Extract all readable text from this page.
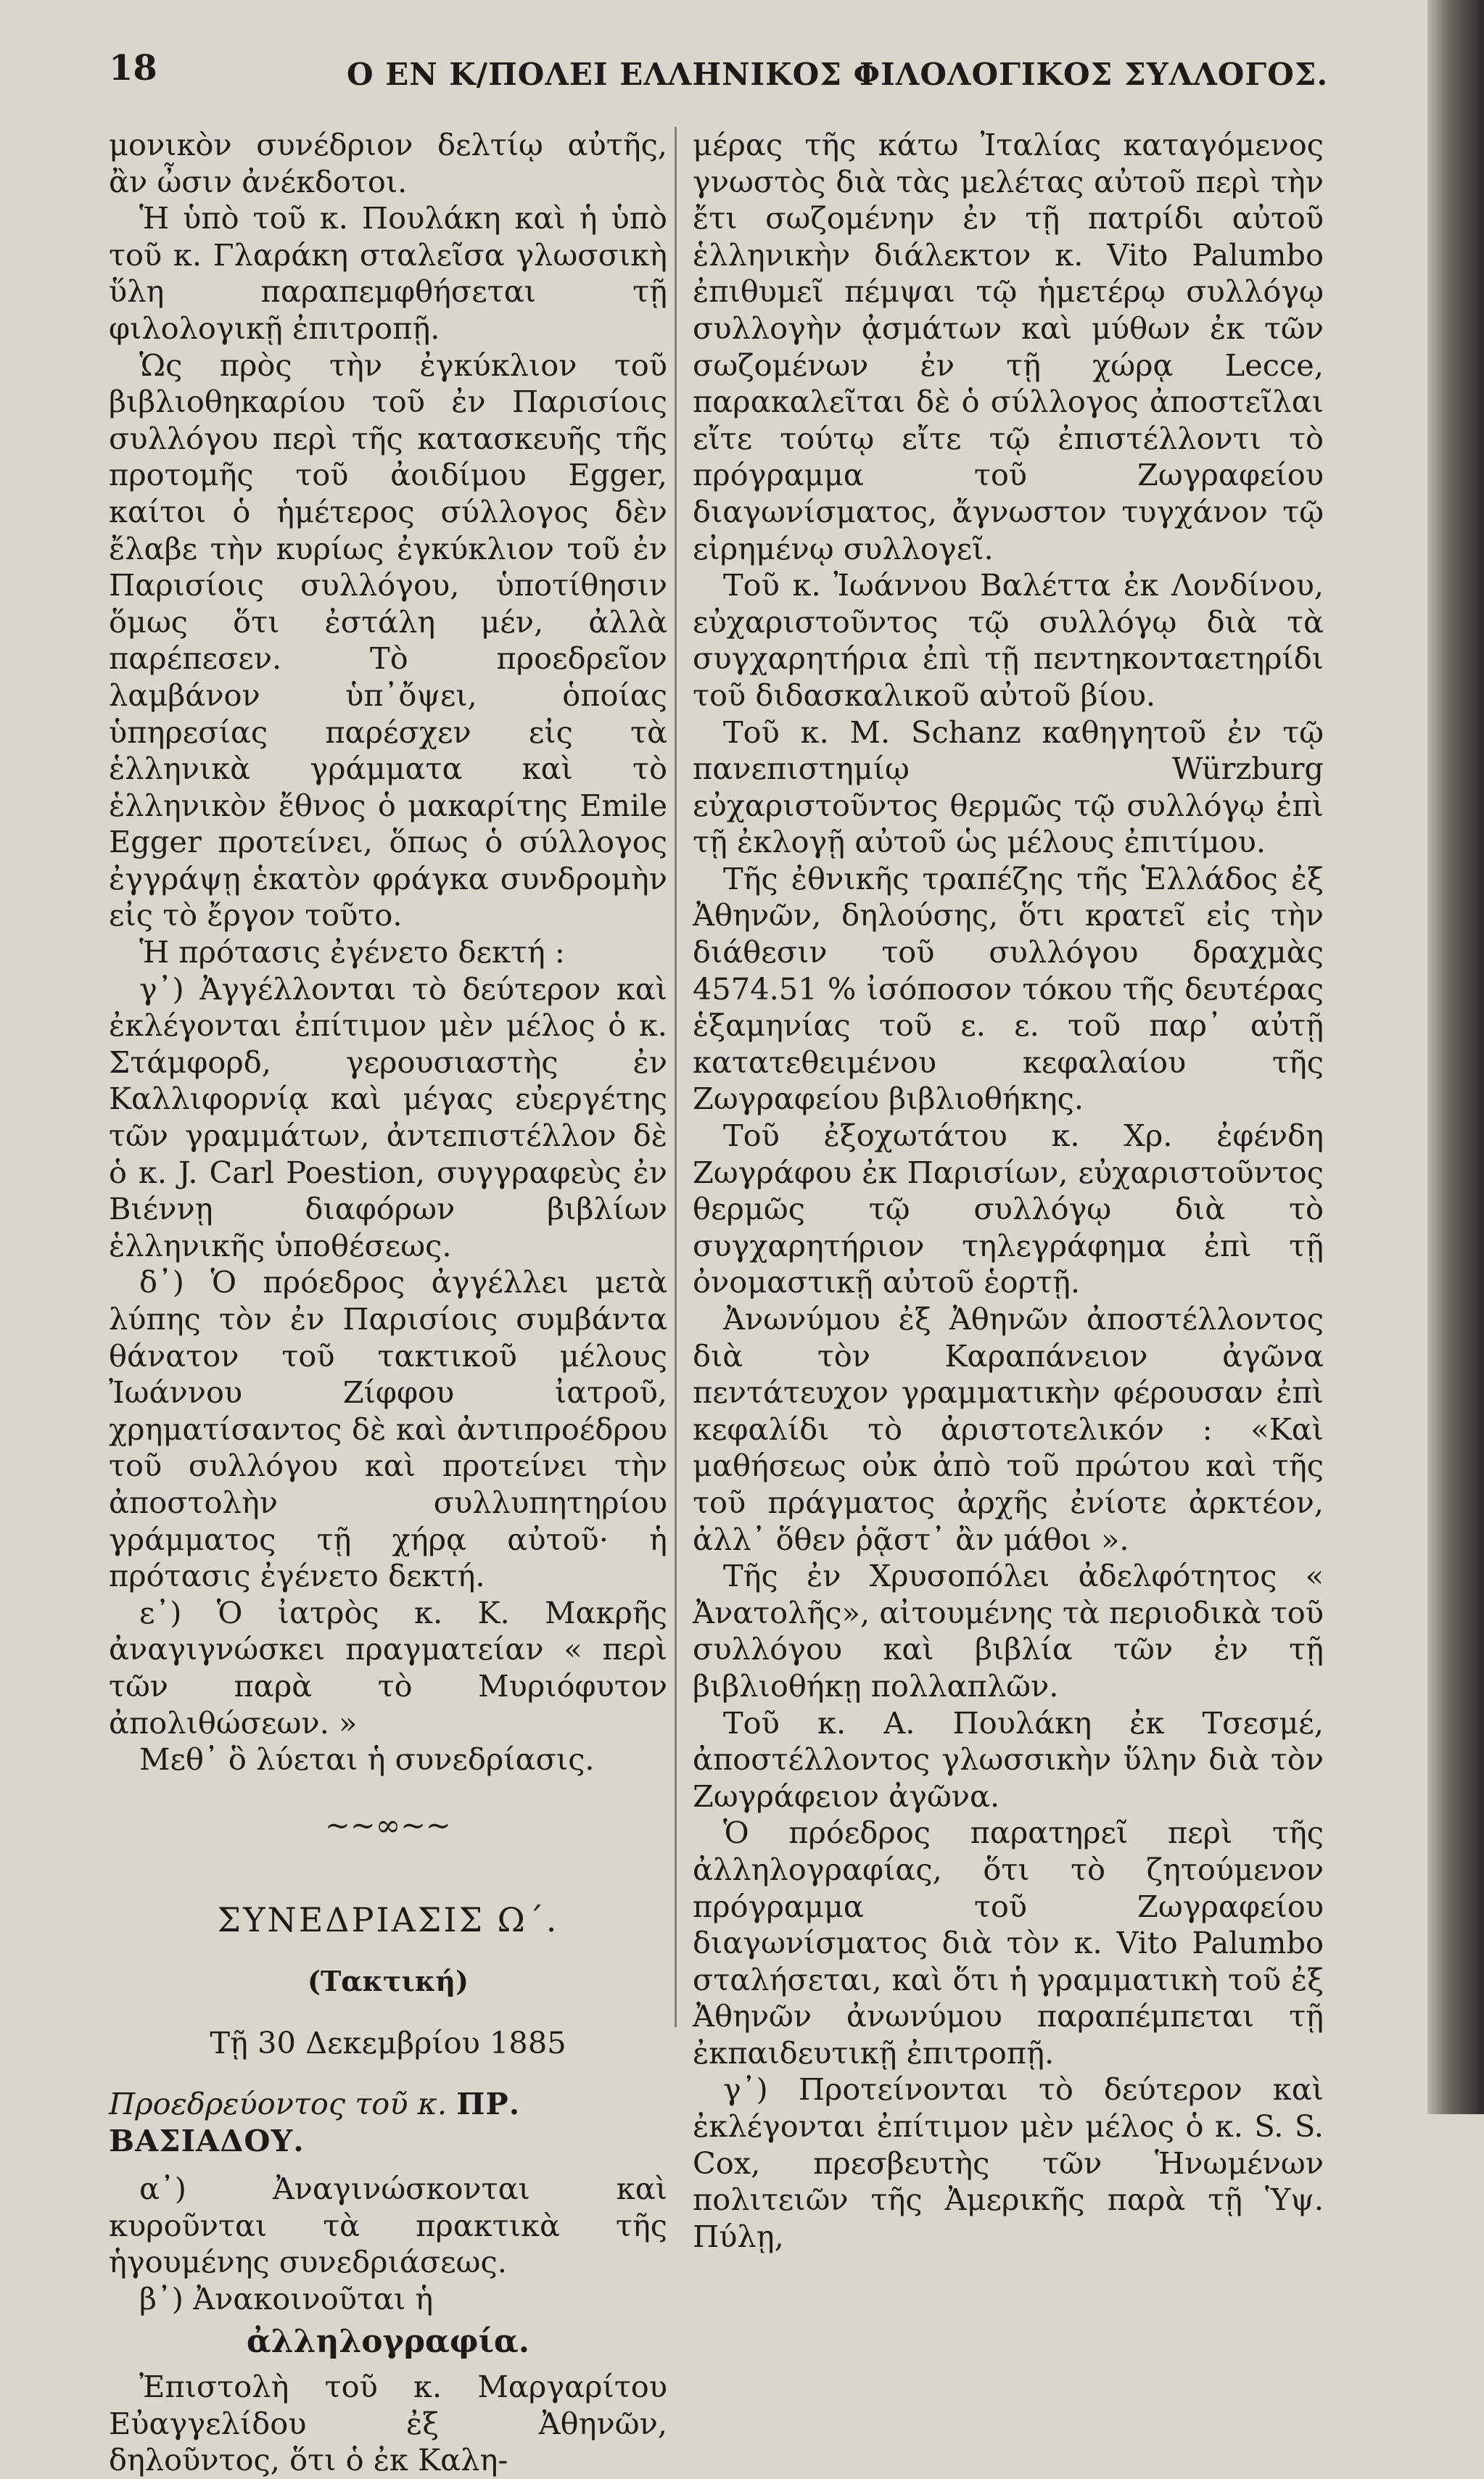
18	Ο ΕΝ Κ/ΠΟΛΕΙ ΕΛΛΗΝΙΚΟΣ ΦΙΛΟΛΟΓΙΚΟΣ ΣΥΛΛΟΓΟΣ.

μονικὸν συνέδριον δελτίῳ αὐτῆς, ἂν ὦσιν ἀνέκδοτοι.

Ἡ ὑπὸ τοῦ κ. Πουλάκη καὶ ἡ ὑπὸ τοῦ κ. Γλαράκη σταλεῖσα γλωσσικὴ ὕλη παραπεμφθήσεται τῇ φιλολογικῇ ἐπιτροπῇ.

Ὡς πρὸς τὴν ἐγκύκλιον τοῦ βιβλιοθηκαρίου τοῦ ἐν Παρισίοις συλλόγου περὶ τῆς κατασκευῆς τῆς προτομῆς τοῦ ἀοιδίμου Egger, καίτοι ὁ ἡμέτερος σύλλογος δὲν ἔλαβε τὴν κυρίως ἐγκύκλιον τοῦ ἐν Παρισίοις συλλόγου, ὑποτίθησιν ὅμως ὅτι ἐστάλη μέν, ἀλλὰ παρέπεσεν. Τὸ προεδρεῖον λαμβάνον ὑπ᾽ὄψει, ὁποίας ὑπηρεσίας παρέσχεν εἰς τὰ ἑλληνικὰ γράμματα καὶ τὸ ἑλληνικὸν ἔθνος ὁ μακαρίτης Emile Egger προτείνει, ὅπως ὁ σύλλογος ἐγγράψῃ ἑκατὸν φράγκα συνδρομὴν εἰς τὸ ἔργον τοῦτο.

Ἡ πρότασις ἐγένετο δεκτή :

γ᾽) Ἀγγέλλονται τὸ δεύτερον καὶ ἐκλέγονται ἐπίτιμον μὲν μέλος ὁ κ. Στάμφορδ, γερουσιαστὴς ἐν Καλλιφορνίᾳ καὶ μέγας εὐεργέτης τῶν γραμμάτων, ἀντεπιστέλλον δὲ ὁ κ. J. Carl Poestion, συγγραφεὺς ἐν Βιέννῃ διαφόρων βιβλίων ἑλληνικῆς ὑποθέσεως.

δ᾽) Ὁ πρόεδρος ἀγγέλλει μετὰ λύπης τὸν ἐν Παρισίοις συμβάντα θάνατον τοῦ τακτικοῦ μέλους Ἰωάννου Ζίφφου ἰατροῦ, χρηματίσαντος δὲ καὶ ἀντιπροέδρου τοῦ συλλόγου καὶ προτείνει τὴν ἀποστολὴν συλλυπητηρίου γράμματος τῇ χήρᾳ αὐτοῦ· ἡ πρότασις ἐγένετο δεκτή.

ε᾽) Ὁ ἰατρὸς κ. Κ. Μακρῆς ἀναγιγνώσκει πραγματείαν « περὶ τῶν παρὰ τὸ Μυριόφυτον ἀπολιθώσεων. »

Μεθ᾽ ὃ λύεται ἡ συνεδρίασις.

~~∞~~
ΣΥΝΕΔΡΙΑΣΙΣ Ω΄.
(Τακτική)
Τῇ 30 Δεκεμβρίου 1885
Προεδρεύοντος τοῦ κ. ΠΡ. ΒΑΣΙΑΔΟΥ.

α᾽) Ἀναγινώσκονται καὶ κυροῦνται τὰ πρακτικὰ τῆς ἡγουμένης συνεδριάσεως.

β᾽) Ἀνακοινοῦται ἡ

ἀλληλογραφία.

Ἐπιστολὴ τοῦ κ. Μαργαρίτου Εὐαγγελίδου ἐξ Ἀθηνῶν, δηλοῦντος, ὅτι ὁ ἐκ Καλη-

μέρας τῆς κάτω Ἰταλίας καταγόμενος γνωστὸς διὰ τὰς μελέτας αὐτοῦ περὶ τὴν ἔτι σωζομένην ἐν τῇ πατρίδι αὐτοῦ ἑλληνικὴν διάλεκτον κ. Vito Palumbo ἐπιθυμεῖ πέμψαι τῷ ἡμετέρῳ συλλόγῳ συλλογὴν ᾀσμάτων καὶ μύθων ἐκ τῶν σωζομένων ἐν τῇ χώρᾳ Lecce, παρακαλεῖται δὲ ὁ σύλλογος ἀποστεῖλαι εἴτε τούτῳ εἴτε τῷ ἐπιστέλλοντι τὸ πρόγραμμα τοῦ Ζωγραφείου διαγωνίσματος, ἄγνωστον τυγχάνον τῷ εἰρημένῳ συλλογεῖ.

Τοῦ κ. Ἰωάννου Βαλέττα ἐκ Λονδίνου, εὐχαριστοῦντος τῷ συλλόγῳ διὰ τὰ συγχαρητήρια ἐπὶ τῇ πεντηκονταετηρίδι τοῦ διδασκαλικοῦ αὐτοῦ βίου.

Τοῦ κ. M. Schanz καθηγητοῦ ἐν τῷ πανεπιστημίῳ Würzburg εὐχαριστοῦντος θερμῶς τῷ συλλόγῳ ἐπὶ τῇ ἐκλογῇ αὐτοῦ ὡς μέλους ἐπιτίμου.

Τῆς ἐθνικῆς τραπέζης τῆς Ἑλλάδος ἐξ Ἀθηνῶν, δηλούσης, ὅτι κρατεῖ εἰς τὴν διάθεσιν τοῦ συλλόγου δραχμὰς 4574.51 % ἰσόποσον τόκου τῆς δευτέρας ἑξαμηνίας τοῦ ε. ε. τοῦ παρ᾽ αὐτῇ κατατεθειμένου κεφαλαίου τῆς Ζωγραφείου βιβλιοθήκης.

Τοῦ ἐξοχωτάτου κ. Χρ. ἐφένδη Ζωγράφου ἐκ Παρισίων, εὐχαριστοῦντος θερμῶς τῷ συλλόγῳ διὰ τὸ συγχαρητήριον τηλεγράφημα ἐπὶ τῇ ὀνομαστικῇ αὐτοῦ ἑορτῇ.

Ἀνωνύμου ἐξ Ἀθηνῶν ἀποστέλλοντος διὰ τὸν Καραπάνειον ἀγῶνα πεντάτευχον γραμματικὴν φέρουσαν ἐπὶ κεφαλίδι τὸ ἀριστοτελικόν : «Καὶ μαθήσεως οὐκ ἀπὸ τοῦ πρώτου καὶ τῆς τοῦ πράγματος ἀρχῆς ἐνίοτε ἀρκτέον, ἀλλ᾽ ὅθεν ῥᾷστ᾽ ἂν μάθοι ».

Τῆς ἐν Χρυσοπόλει ἀδελφότητος « Ἀνατολῆς», αἰτουμένης τὰ περιοδικὰ τοῦ συλλόγου καὶ βιβλία τῶν ἐν τῇ βιβλιοθήκῃ πολλαπλῶν.

Τοῦ κ. Α. Πουλάκη ἐκ Τσεσμέ, ἀποστέλλοντος γλωσσικὴν ὕλην διὰ τὸν Ζωγράφειον ἀγῶνα.

Ὁ πρόεδρος παρατηρεῖ περὶ τῆς ἀλληλογραφίας, ὅτι τὸ ζητούμενον πρόγραμμα τοῦ Ζωγραφείου διαγωνίσματος διὰ τὸν κ. Vito Palumbo σταλήσεται, καὶ ὅτι ἡ γραμματικὴ τοῦ ἐξ Ἀθηνῶν ἀνωνύμου παραπέμπεται τῇ ἐκπαιδευτικῇ ἐπιτροπῇ.

γ᾽) Προτείνονται τὸ δεύτερον καὶ ἐκλέγονται ἐπίτιμον μὲν μέλος ὁ κ. S. S. Cox, πρεσβευτὴς τῶν Ἡνωμένων πολιτειῶν τῆς Ἀμερικῆς παρὰ τῇ Ὑψ. Πύλῃ,
